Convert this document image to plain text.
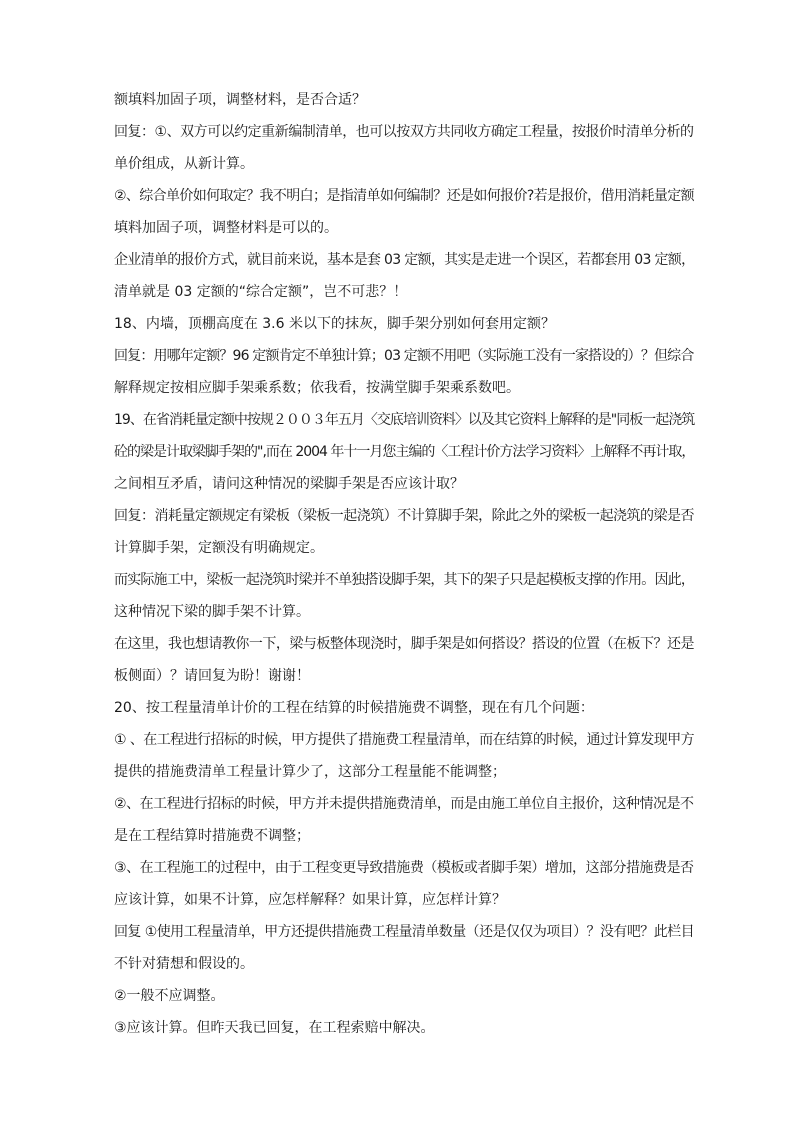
额填料加固子项，调整材料，是否合适？

回复：①、双方可以约定重新编制清单，也可以按双方共同收方确定工程量，按报价时清单分析的
单价组成，从新计算。

②、综合单价如何取定？我不明白；是指清单如何编制？还是如何报价?若是报价，借用消耗量定额
填料加固子项，调整材料是可以的。

企业清单的报价方式，就目前来说，基本是套 03 定额，其实是走进一个误区，若都套用 03 定额，
清单就是 03 定额的“综合定额”，岂不可悲？！

18、内墙，顶棚高度在 3.6 米以下的抹灰，脚手架分别如何套用定额？

回复：用哪年定额？96 定额肯定不单独计算；03 定额不用吧（实际施工没有一家搭设的）？但综合
解释规定按相应脚手架乘系数；依我看，按满堂脚手架乘系数吧。

19、在省消耗量定额中按规２００３年五月〈交底培训资料〉以及其它资料上解释的是"同板一起浇筑
砼的梁是计取梁脚手架的",而在 2004 年十一月您主编的〈工程计价方法学习资料〉上解释不再计取，
之间相互矛盾，请问这种情况的梁脚手架是否应该计取？

回复：消耗量定额规定有梁板（梁板一起浇筑）不计算脚手架，除此之外的梁板一起浇筑的梁是否
计算脚手架，定额没有明确规定。

而实际施工中，梁板一起浇筑时梁并不单独搭设脚手架，其下的架子只是起模板支撑的作用。因此，
这种情况下梁的脚手架不计算。

在这里，我也想请教你一下，梁与板整体现浇时，脚手架是如何搭设？搭设的位置（在板下？还是
板侧面）？请回复为盼！谢谢！

20、按工程量清单计价的工程在结算的时候措施费不调整，现在有几个问题：

① 、在工程进行招标的时候，甲方提供了措施费工程量清单，而在结算的时候，通过计算发现甲方
提供的措施费清单工程量计算少了，这部分工程量能不能调整；

②、在工程进行招标的时候，甲方并未提供措施费清单，而是由施工单位自主报价，这种情况是不
是在工程结算时措施费不调整；

③、在工程施工的过程中，由于工程变更导致措施费（模板或者脚手架）增加，这部分措施费是否
应该计算，如果不计算，应怎样解释？如果计算，应怎样计算？

回复 ①使用工程量清单，甲方还提供措施费工程量清单数量（还是仅仅为项目）？没有吧？此栏目
不针对猜想和假设的。

②一般不应调整。

③应该计算。但昨天我已回复，在工程索赔中解决。
